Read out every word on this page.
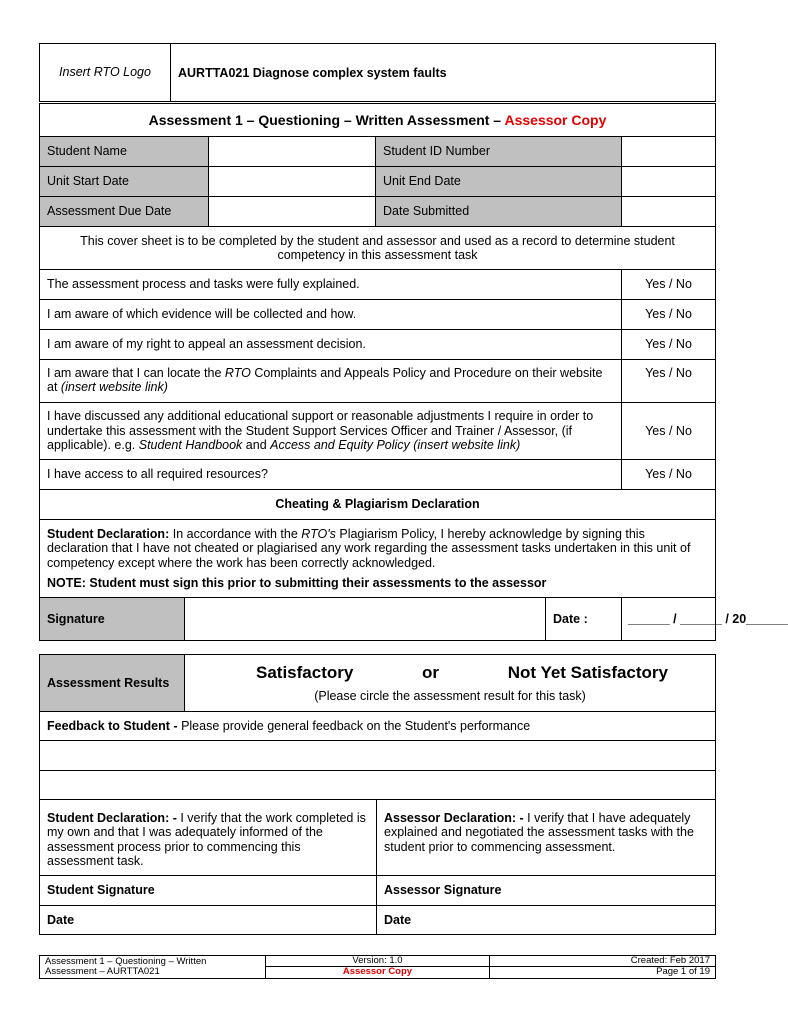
Insert RTO Logo	AURTTA021 Diagnose complex system faults
Assessment 1 – Questioning – Written Assessment – Assessor Copy					
Student Name			Student ID Number		
Unit Start Date			Unit End Date		
Assessment Due Date			Date Submitted		
This cover sheet is to be completed by the student and assessor and used as a record to determine student competency in this assessment task					
The assessment process and tasks were fully explained.					Yes / No
I am aware of which evidence will be collected and how.					Yes / No
I am aware of my right to appeal an assessment decision.					Yes / No
I am aware that I can locate the RTO Complaints and Appeals Policy and Procedure on their website at (insert website link)					Yes / No
I have discussed any additional educational support or reasonable adjustments I require in order to undertake this assessment with the Student Support Services Officer and Trainer / Assessor, (if applicable). e.g. Student Handbook and Access and Equity Policy (insert website link)					Yes / No
I have access to all required resources?					Yes / No
Cheating & Plagiarism Declaration					

Student Declaration: In accordance with the RTO's Plagiarism Policy, I hereby acknowledge by signing this declaration that I have not cheated or plagiarised any work regarding the assessment tasks undertaken in this unit of competency except where the work has been correctly acknowledged.

NOTE: Student must sign this prior to submitting their assessments to the assessor					

Signature				Date :	______ / ______ / 20______
Assessment Results	Satisfactory or Not Yet Satisfactory
(Please circle the assessment result for this task)	

Feedback to Student - Please provide general feedback on the Student's performance		

Student Declaration: - I verify that the work completed is my own and that I was adequately informed of the assessment process prior to commencing this assessment task.		Assessor Declaration: - I verify that I have adequately explained and negotiated the assessment tasks with the student prior to commencing assessment.
Student Signature		Assessor Signature
Date		Date
Assessment 1 – Questioning – Written
Assessment – AURTTA021	Version: 1.0	Created: Feb 2017
	Assessor Copy	Page 1 of 19
